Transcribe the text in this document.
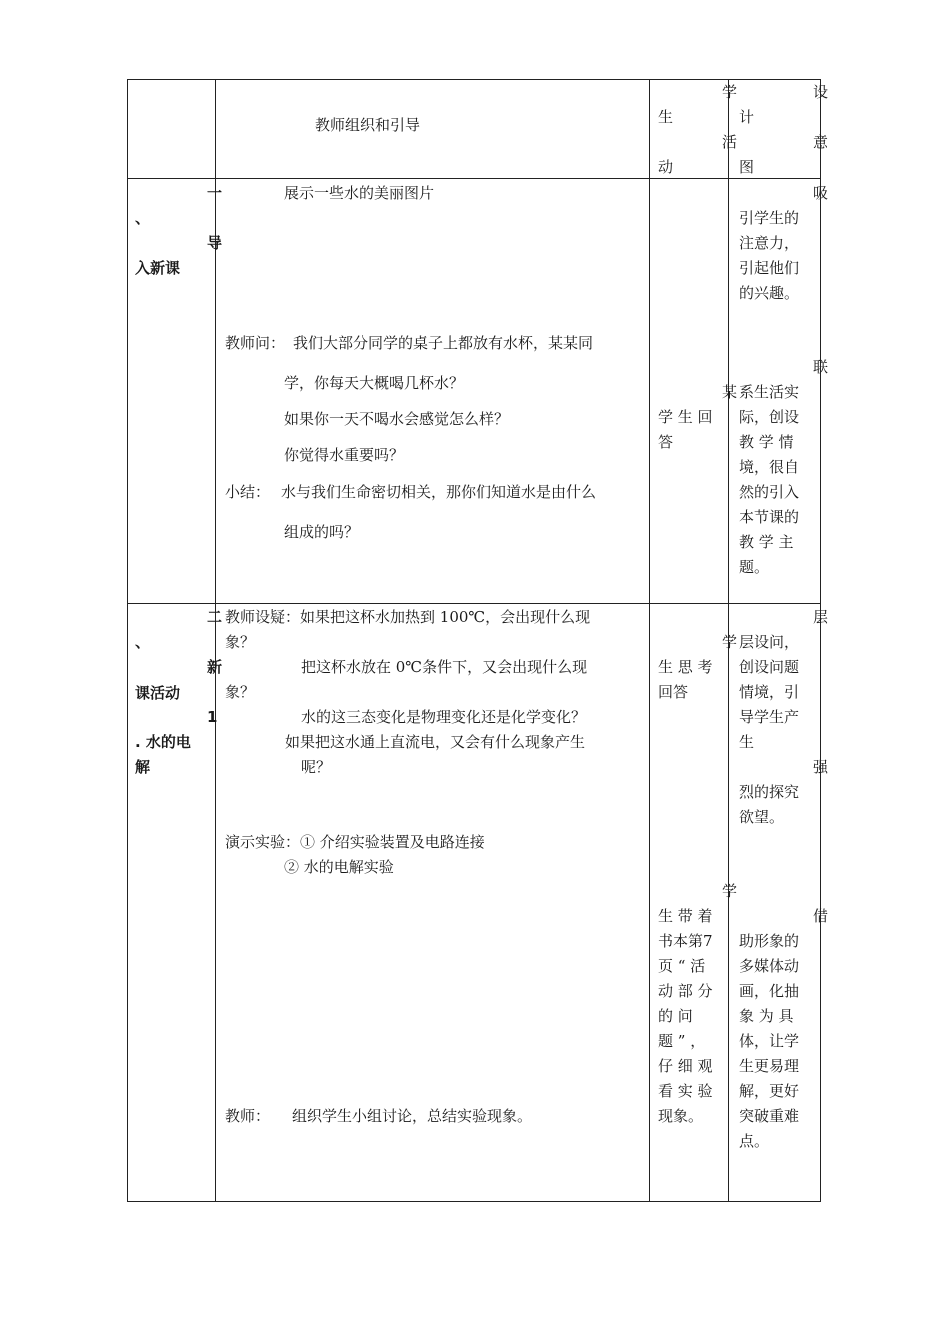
教师组织和引导
学
生
活
动
设
计
意
图
一
、
导
入新课
展示一些水的美丽图片
教师问： 我们大部分同学的桌子上都放有水杯，某某同
学，你每天大概喝几杯水？
如果你一天不喝水会感觉怎么样？
你觉得水重要吗？
小结： 水与我们生命密切相关，那你们知道水是由什么
组成的吗？
某
学 生 回
答
吸
引学生的
注意力，
引起他们
的兴趣。
联
系生活实
际，创设
教 学 情
境，很自
然的引入
本节课的
教 学 主
题。
二
、
新
课活动
1
. 水的电
解
教师设疑：如果把这杯水加热到 100℃，会出现什么现
象？
把这杯水放在 0℃条件下，又会出现什么现
象？
水的这三态变化是物理变化还是化学变化？
如果把这水通上直流电，又会有什么现象产生
呢？
演示实验：① 介绍实验装置及电路连接
② 水的电解实验
教师： 组织学生小组讨论，总结实验现象。
学
生 思 考
回答
学
生 带 着
书本第7
页 “ 活
动 部 分
的 问
题 ” ，
仔 细 观
看 实 验
现象。
层
层设问，
创设问题
情境，引
导学生产
生
强
烈的探究
欲望。
借
助形象的
多媒体动
画，化抽
象 为 具
体，让学
生更易理
解，更好
突破重难
点。
